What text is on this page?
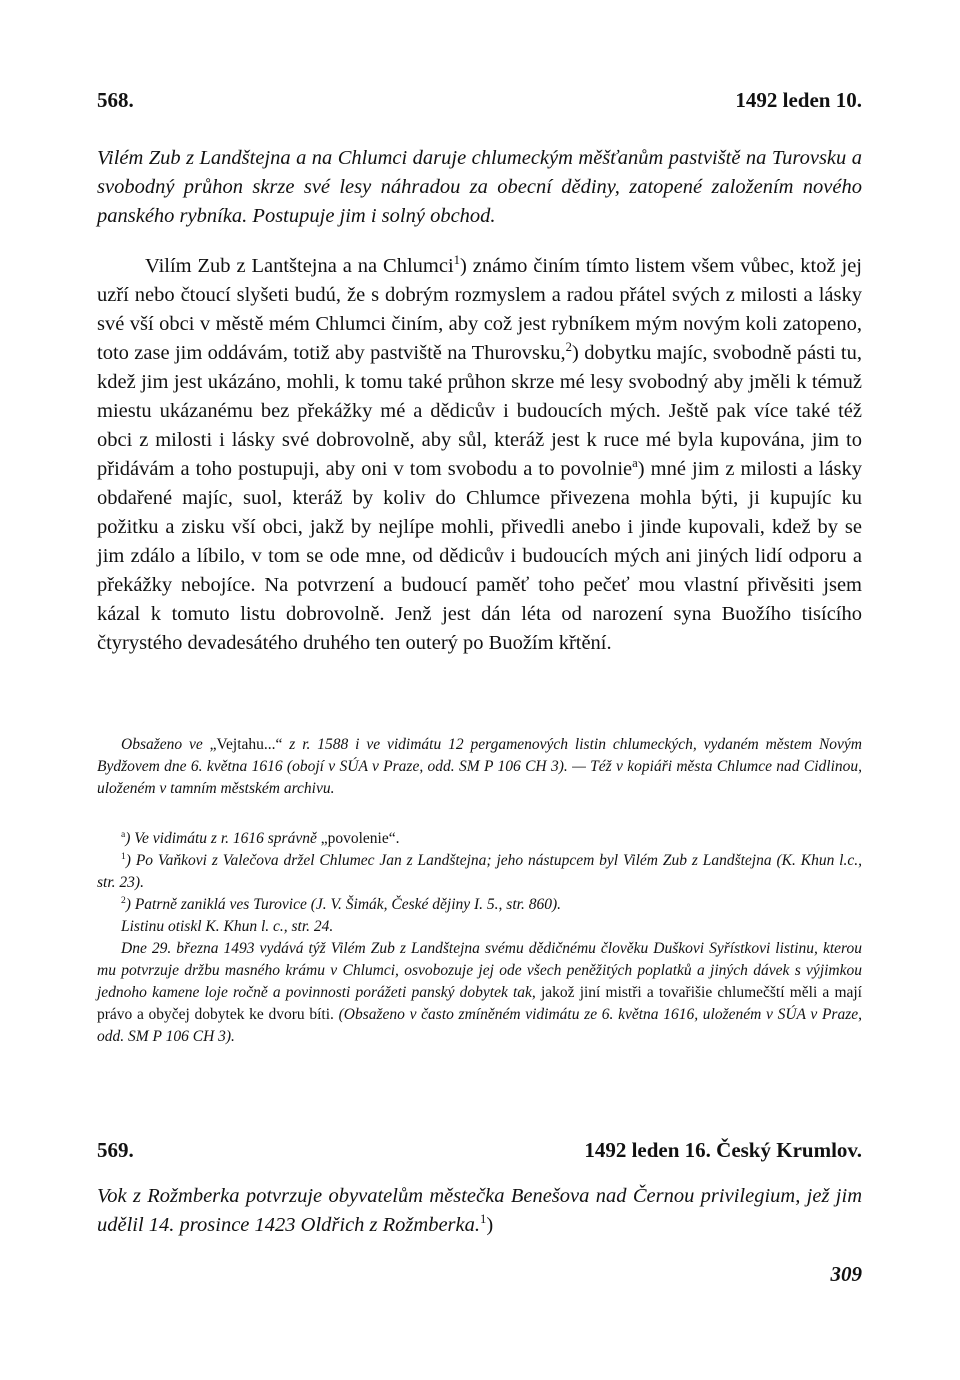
568.	1492 leden 10.

Vilém Zub z Landštejna a na Chlumci daruje chlumeckým měšťanům pastviště na Turovsku a svobodný průhon skrze své lesy náhradou za obecní dědiny, zatopené založením nového panského rybníka. Postupuje jim i solný obchod.

Vilím Zub z Lantštejna a na Chlumci$^1$) známo činím tímto listem všem vůbec, ktož jej uzří nebo čtoucí slyšeti budú, že s dobrým rozmyslem a radou přátel svých z milosti a lásky své vší obci v městě mém Chlumci činím, aby což jest rybníkem mým novým koli zatopeno, toto zase jim oddávám, totiž aby pastviště na Thurovsku,$^2$) dobytku majíc, svobodně pásti tu, kdež jim jest ukázáno, mohli, k tomu také průhon skrze mé lesy svobodný aby jměli k témuž miestu ukázanému bez překážky mé a dědicův i budoucích mých. Ještě pak více také též obci z milosti i lásky své dobrovolně, aby sůl, kteráž jest k ruce mé byla kupována, jim to přidávám a toho postupuji, aby oni v tom svobodu a to povolnie$^a$) mné jim z milosti a lásky obdařené majíc, suol, kteráž by koliv do Chlumce přivezena mohla býti, ji kupujíc ku požitku a zisku vší obci, jakž by nejlípe mohli, přivedli anebo i jinde kupovali, kdež by se jim zdálo a líbilo, v tom se ode mne, od dědicův i budoucích mých ani jiných lidí odporu a překážky nebojíce. Na potvrzení a budoucí paměť toho pečeť mou vlastní přivěsiti jsem kázal k tomuto listu dobrovolně. Jenž jest dán léta od narození syna Buožího tisícího čtyrystého devadesátého druhého ten outerý po Buožím křtění.

Obsaženo ve „Vejtahu...“ z r. 1588 i ve vidimátu 12 pergamenových listin chlumeckých, vydaném městem Novým Bydžovem dne 6. května 1616 (obojí v SÚA v Praze, odd. SM P 106 CH 3). — Též v kopiáři města Chlumce nad Cidlinou, uloženém v tamním městském archivu.

$^a$) Ve vidimátu z r. 1616 správně „povolenie“.

$^1$) Po Vaňkovi z Valečova držel Chlumec Jan z Landštejna; jeho nástupcem byl Vilém Zub z Landštejna (K. Khun l.c., str. 23).

$^2$) Patrně zaniklá ves Turovice (J. V. Šimák, České dějiny I. 5., str. 860).

Listinu otiskl K. Khun l. c., str. 24.

Dne 29. března 1493 vydává týž Vilém Zub z Landštejna svému dědičnému člověku Duškovi Syřístkovi listinu, kterou mu potvrzuje držbu masného krámu v Chlumci, osvobozuje jej ode všech peněžitých poplatků a jiných dávek s výjimkou jednoho kamene loje ročně a povinnosti porážeti panský dobytek tak, jakož jiní mistři a tovařišie chlumečští měli a mají právo a obyčej dobytek ke dvoru bíti. (Obsaženo v často zmíněném vidimátu ze 6. května 1616, uloženém v SÚA v Praze, odd. SM P 106 CH 3).

569.	1492 leden 16. Český Krumlov.

Vok z Rožmberka potvrzuje obyvatelům městečka Benešova nad Černou privilegium, jež jim udělil 14. prosince 1423 Oldřich z Rožmberka.$^1$)

309
